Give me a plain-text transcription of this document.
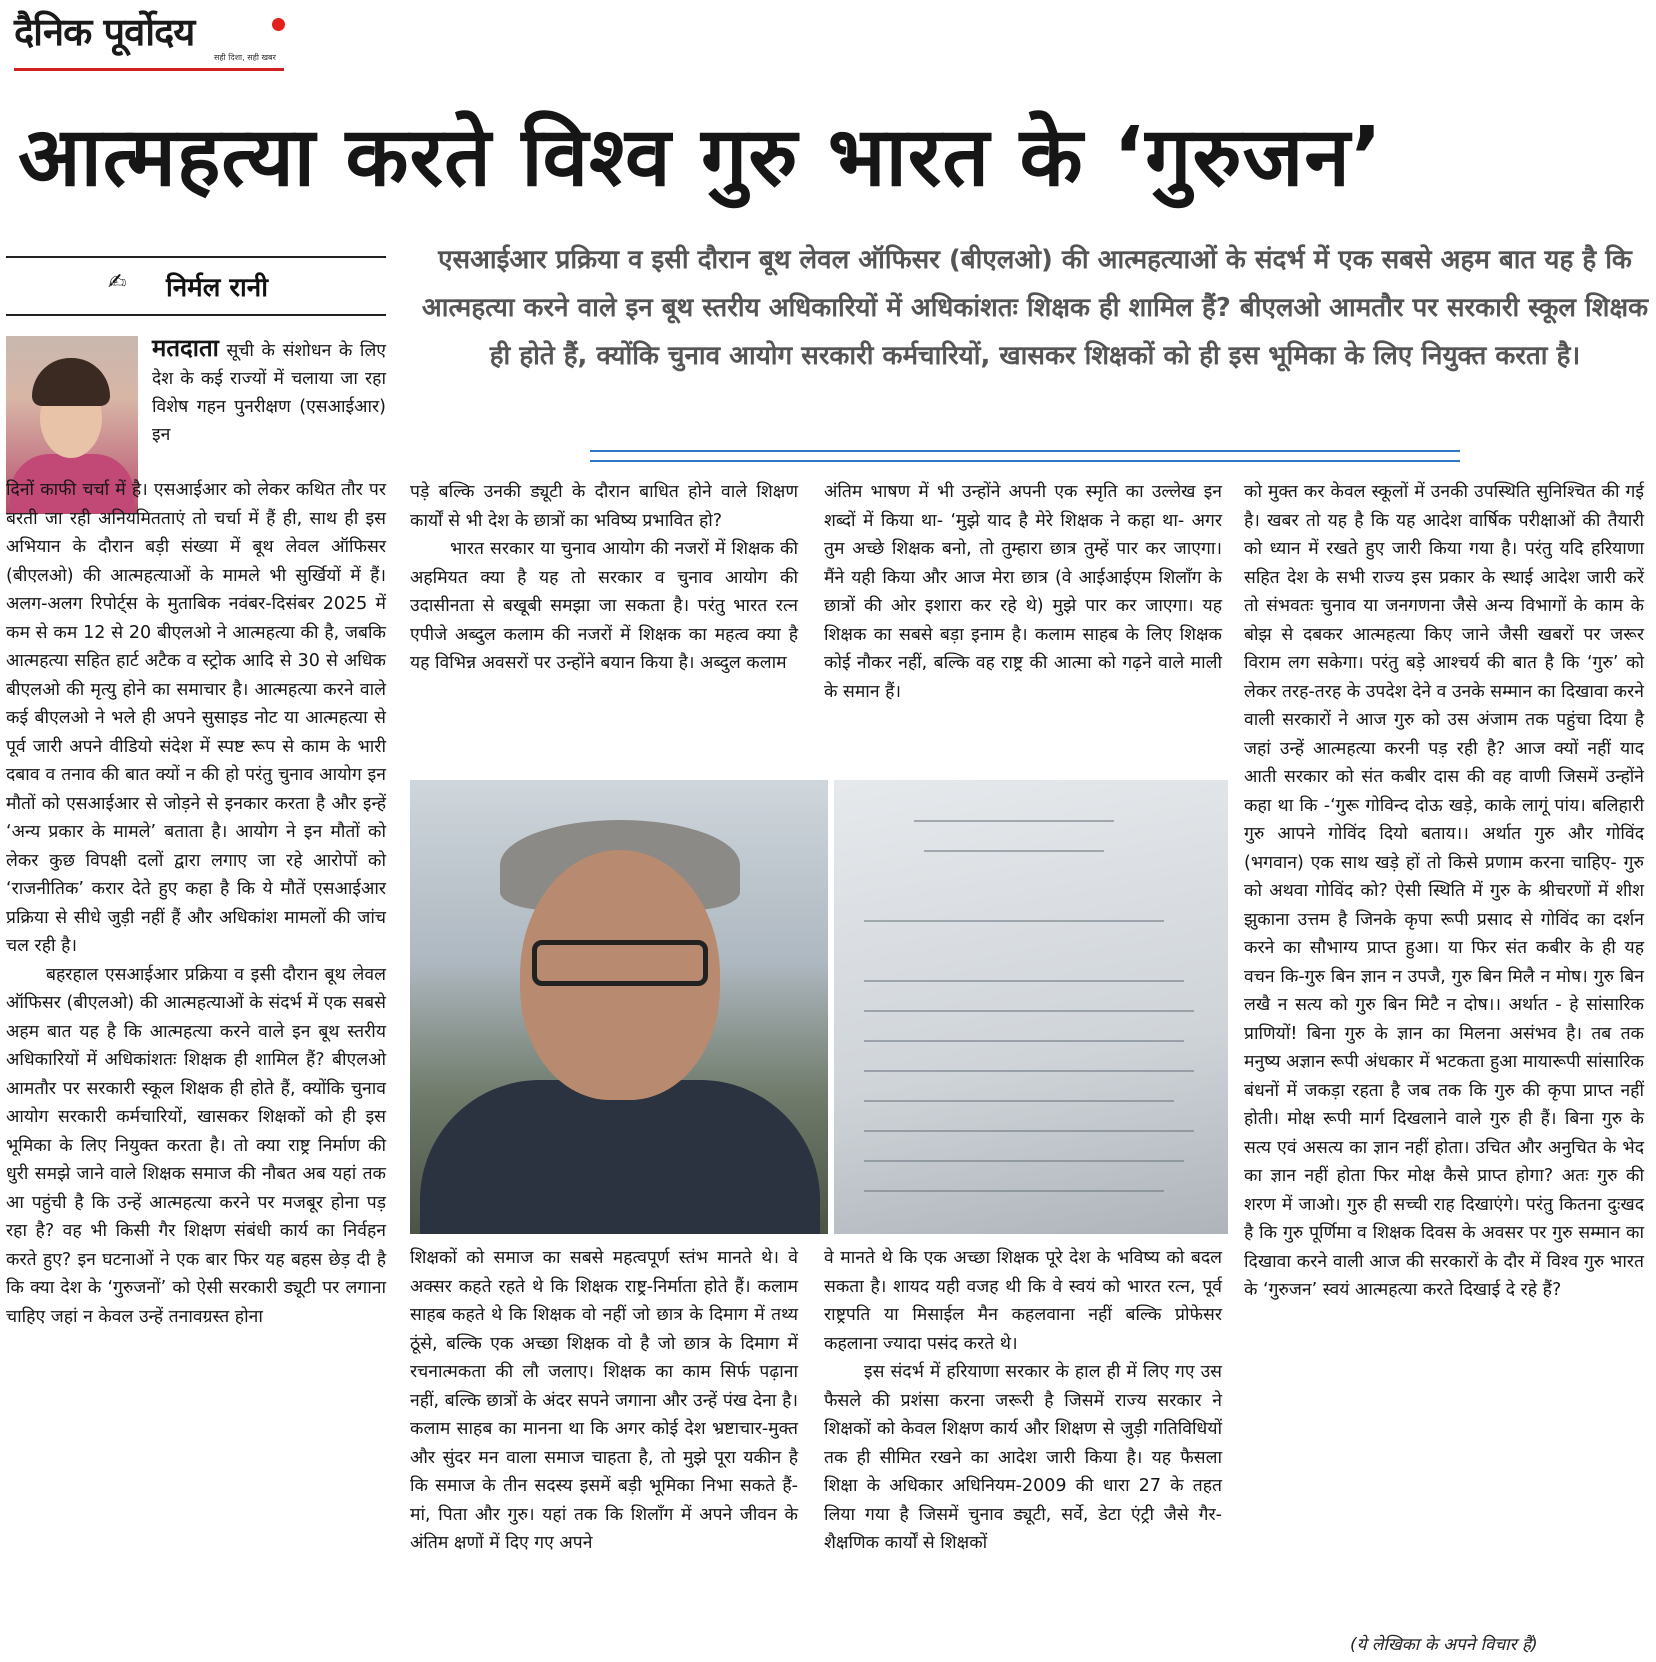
दैनिक पूर्वोदय
सही दिशा, सही खबर
आत्महत्या करते विश्व गुरु भारत के ‘गुरुजन’
✍ निर्मल रानी
एसआईआर प्रक्रिया व इसी दौरान बूथ लेवल ऑफिसर (बीएलओ) की आत्महत्याओं के संदर्भ में एक सबसे अहम बात यह है कि आत्महत्या करने वाले इन बूथ स्तरीय अधिकारियों में अधिकांशतः शिक्षक ही शामिल हैं? बीएलओ आमतौर पर सरकारी स्कूल शिक्षक ही होते हैं, क्योंकि चुनाव आयोग सरकारी कर्मचारियों, खासकर शिक्षकों को ही इस भूमिका के लिए नियुक्त करता है।

मतदाता सूची के संशोधन के लिए देश के कई राज्यों में चलाया जा रहा विशेष गहन पुनरीक्षण (एसआईआर) इन

दिनों काफी चर्चा में है। एसआईआर को लेकर कथित तौर पर बरती जा रही अनियमितताएं तो चर्चा में हैं ही, साथ ही इस अभियान के दौरान बड़ी संख्या में बूथ लेवल ऑफिसर (बीएलओ) की आत्महत्याओं के मामले भी सुर्खियों में हैं। अलग-अलग रिपोर्ट्स के मुताबिक नवंबर-दिसंबर 2025 में कम से कम 12 से 20 बीएलओ ने आत्महत्या की है, जबकि आत्महत्या सहित हार्ट अटैक व स्ट्रोक आदि से 30 से अधिक बीएलओ की मृत्यु होने का समाचार है। आत्महत्या करने वाले कई बीएलओ ने भले ही अपने सुसाइड नोट या आत्महत्या से पूर्व जारी अपने वीडियो संदेश में स्पष्ट रूप से काम के भारी दबाव व तनाव की बात क्यों न की हो परंतु चुनाव आयोग इन मौतों को एसआईआर से जोड़ने से इनकार करता है और इन्हें ‘अन्य प्रकार के मामले’ बताता है। आयोग ने इन मौतों को लेकर कुछ विपक्षी दलों द्वारा लगाए जा रहे आरोपों को ‘राजनीतिक’ करार देते हुए कहा है कि ये मौतें एसआईआर प्रक्रिया से सीधे जुड़ी नहीं हैं और अधिकांश मामलों की जांच चल रही है।

बहरहाल एसआईआर प्रक्रिया व इसी दौरान बूथ लेवल ऑफिसर (बीएलओ) की आत्महत्याओं के संदर्भ में एक सबसे अहम बात यह है कि आत्महत्या करने वाले इन बूथ स्तरीय अधिकारियों में अधिकांशतः शिक्षक ही शामिल हैं? बीएलओ आमतौर पर सरकारी स्कूल शिक्षक ही होते हैं, क्योंकि चुनाव आयोग सरकारी कर्मचारियों, खासकर शिक्षकों को ही इस भूमिका के लिए नियुक्त करता है। तो क्या राष्ट्र निर्माण की धुरी समझे जाने वाले शिक्षक समाज की नौबत अब यहां तक आ पहुंची है कि उन्हें आत्महत्या करने पर मजबूर होना पड़ रहा है? वह भी किसी गैर शिक्षण संबंधी कार्य का निर्वहन करते हुए? इन घटनाओं ने एक बार फिर यह बहस छेड़ दी है कि क्या देश के ‘गुरुजनों’ को ऐसी सरकारी ड्यूटी पर लगाना चाहिए जहां न केवल उन्हें तनावग्रस्त होना

पड़े बल्कि उनकी ड्यूटी के दौरान बाधित होने वाले शिक्षण कार्यों से भी देश के छात्रों का भविष्य प्रभावित हो?

भारत सरकार या चुनाव आयोग की नजरों में शिक्षक की अहमियत क्या है यह तो सरकार व चुनाव आयोग की उदासीनता से बखूबी समझा जा सकता है। परंतु भारत रत्न एपीजे अब्दुल कलाम की नजरों में शिक्षक का महत्व क्या है यह विभिन्न अवसरों पर उन्होंने बयान किया है। अब्दुल कलाम

अंतिम भाषण में भी उन्होंने अपनी एक स्मृति का उल्लेख इन शब्दों में किया था- ‘मुझे याद है मेरे शिक्षक ने कहा था- अगर तुम अच्छे शिक्षक बनो, तो तुम्हारा छात्र तुम्हें पार कर जाएगा। मैंने यही किया और आज मेरा छात्र (वे आईआईएम शिलॉंग के छात्रों की ओर इशारा कर रहे थे) मुझे पार कर जाएगा। यह शिक्षक का सबसे बड़ा इनाम है। कलाम साहब के लिए शिक्षक कोई नौकर नहीं, बल्कि वह राष्ट्र की आत्मा को गढ़ने वाले माली के समान हैं।

शिक्षकों को समाज का सबसे महत्वपूर्ण स्तंभ मानते थे। वे अक्सर कहते रहते थे कि शिक्षक राष्ट्र-निर्माता होते हैं। कलाम साहब कहते थे कि शिक्षक वो नहीं जो छात्र के दिमाग में तथ्य ठूंसे, बल्कि एक अच्छा शिक्षक वो है जो छात्र के दिमाग में रचनात्मकता की लौ जलाए। शिक्षक का काम सिर्फ पढ़ाना नहीं, बल्कि छात्रों के अंदर सपने जगाना और उन्हें पंख देना है। कलाम साहब का मानना था कि अगर कोई देश भ्रष्टाचार-मुक्त और सुंदर मन वाला समाज चाहता है, तो मुझे पूरा यकीन है कि समाज के तीन सदस्य इसमें बड़ी भूमिका निभा सकते हैं- मां, पिता और गुरु। यहां तक कि शिलॉंग में अपने जीवन के अंतिम क्षणों में दिए गए अपने

वे मानते थे कि एक अच्छा शिक्षक पूरे देश के भविष्य को बदल सकता है। शायद यही वजह थी कि वे स्वयं को भारत रत्न, पूर्व राष्ट्रपति या मिसाईल मैन कहलवाना नहीं बल्कि प्रोफेसर कहलाना ज्यादा पसंद करते थे।

इस संदर्भ में हरियाणा सरकार के हाल ही में लिए गए उस फैसले की प्रशंसा करना जरूरी है जिसमें राज्य सरकार ने शिक्षकों को केवल शिक्षण कार्य और शिक्षण से जुड़ी गतिविधियों तक ही सीमित रखने का आदेश जारी किया है। यह फैसला शिक्षा के अधिकार अधिनियम-2009 की धारा 27 के तहत लिया गया है जिसमें चुनाव ड्यूटी, सर्वे, डेटा एंट्री जैसे गैर-शैक्षणिक कार्यों से शिक्षकों

को मुक्त कर केवल स्कूलों में उनकी उपस्थिति सुनिश्चित की गई है। खबर तो यह है कि यह आदेश वार्षिक परीक्षाओं की तैयारी को ध्यान में रखते हुए जारी किया गया है। परंतु यदि हरियाणा सहित देश के सभी राज्य इस प्रकार के स्थाई आदेश जारी करें तो संभवतः चुनाव या जनगणना जैसे अन्य विभागों के काम के बोझ से दबकर आत्महत्या किए जाने जैसी खबरों पर जरूर विराम लग सकेगा। परंतु बड़े आश्चर्य की बात है कि ‘गुरु’ को लेकर तरह-तरह के उपदेश देने व उनके सम्मान का दिखावा करने वाली सरकारों ने आज गुरु को उस अंजाम तक पहुंचा दिया है जहां उन्हें आत्महत्या करनी पड़ रही है? आज क्यों नहीं याद आती सरकार को संत कबीर दास की वह वाणी जिसमें उन्होंने कहा था कि -‘गुरू गोविन्द दोऊ खड़े, काके लागूं पांय। बलिहारी गुरु आपने गोविंद दियो बताय।। अर्थात गुरु और गोविंद (भगवान) एक साथ खड़े हों तो किसे प्रणाम करना चाहिए- गुरु को अथवा गोविंद को? ऐसी स्थिति में गुरु के श्रीचरणों में शीश झुकाना उत्तम है जिनके कृपा रूपी प्रसाद से गोविंद का दर्शन करने का सौभाग्य प्राप्त हुआ। या फिर संत कबीर के ही यह वचन कि-गुरु बिन ज्ञान न उपजै, गुरु बिन मिलै न मोष। गुरु बिन लखै न सत्य को गुरु बिन मिटै न दोष।। अर्थात - हे सांसारिक प्राणियों! बिना गुरु के ज्ञान का मिलना असंभव है। तब तक मनुष्य अज्ञान रूपी अंधकार में भटकता हुआ मायारूपी सांसारिक बंधनों में जकड़ा रहता है जब तक कि गुरु की कृपा प्राप्त नहीं होती। मोक्ष रूपी मार्ग दिखलाने वाले गुरु ही हैं। बिना गुरु के सत्य एवं असत्य का ज्ञान नहीं होता। उचित और अनुचित के भेद का ज्ञान नहीं होता फिर मोक्ष कैसे प्राप्त होगा? अतः गुरु की शरण में जाओ। गुरु ही सच्ची राह दिखाएंगे। परंतु कितना दुःखद है कि गुरु पूर्णिमा व शिक्षक दिवस के अवसर पर गुरु सम्मान का दिखावा करने वाली आज की सरकारों के दौर में विश्व गुरु भारत के ‘गुरुजन’ स्वयं आत्महत्या करते दिखाई दे रहे हैं?

(ये लेखिका के अपने विचार हैं)
